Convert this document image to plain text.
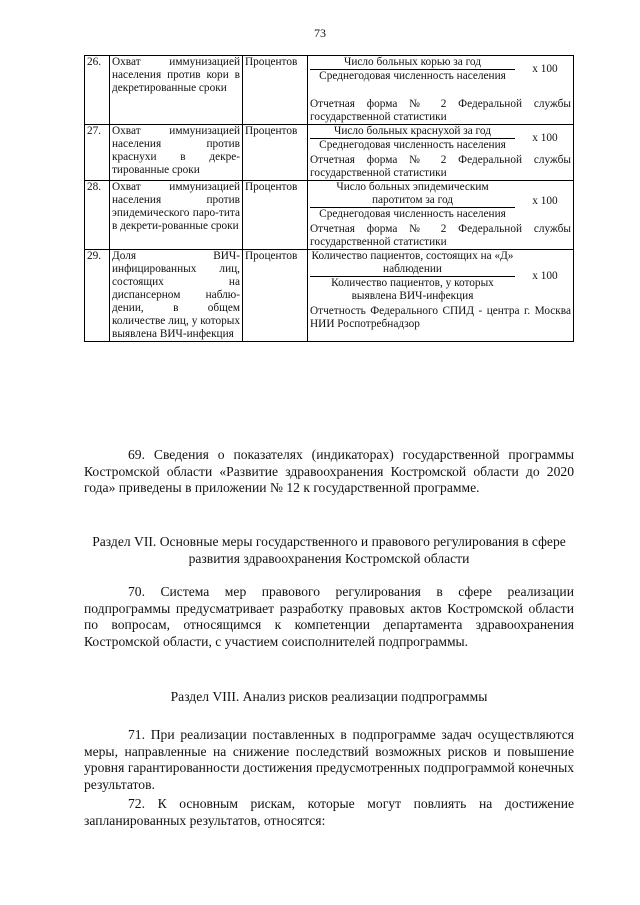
73
26.	Охват иммунизацией населения против кори в декретированные сроки	Процентов	$\frac{\text{Число больных корью за год}}{\text{Среднегодовая численность населения}}$ x 100
Отчетная форма № 2 Федеральной службы государственной статистики

27.	Охват иммунизацией населения против краснухи в декре-тированные сроки	Процентов	$\frac{\text{Число больных краснухой за год}}{\text{Среднегодовая численность населения}}$ x 100
Отчетная форма № 2 Федеральной службы государственной статистики

28.	Охват иммунизацией населения против эпидемического паро-тита в декрети-рованные сроки	Процентов	$\frac{\text{Число больных эпидемическим паротитом за год}}{\text{Среднегодовая численность населения}}$ x 100
Отчетная форма № 2 Федеральной службы государственной статистики

29.	Доля ВИЧ-инфицированных лиц, состоящих на диспансерном наблю-дении, в общем количестве лиц, у которых выявлена ВИЧ-инфекция	Процентов	$\frac{\text{Количество пациентов, состоящих на «Д» наблюдении}}{\text{Количество пациентов, у которых выявлена ВИЧ-инфекция}}$ x 100
Отчетность Федерального СПИД - центра г. Москва НИИ Роспотребнадзор

69. Сведения о показателях (индикаторах) государственной программы Костромской области «Развитие здравоохранения Костромской области до 2020 года» приведены в приложении № 12 к государственной программе.

Раздел VII. Основные меры государственного и правового регулирования в сфере развития здравоохранения Костромской области

70. Система мер правового регулирования в сфере реализации подпрограммы предусматривает разработку правовых актов Костромской области по вопросам, относящимся к компетенции департамента здравоохранения Костромской области, с участием соисполнителей подпрограммы.

Раздел VIII. Анализ рисков реализации подпрограммы

71. При реализации поставленных в подпрограмме задач осуществляются меры, направленные на снижение последствий возможных рисков и повышение уровня гарантированности достижения предусмотренных подпрограммой конечных результатов.

72. К основным рискам, которые могут повлиять на достижение запланированных результатов, относятся:
